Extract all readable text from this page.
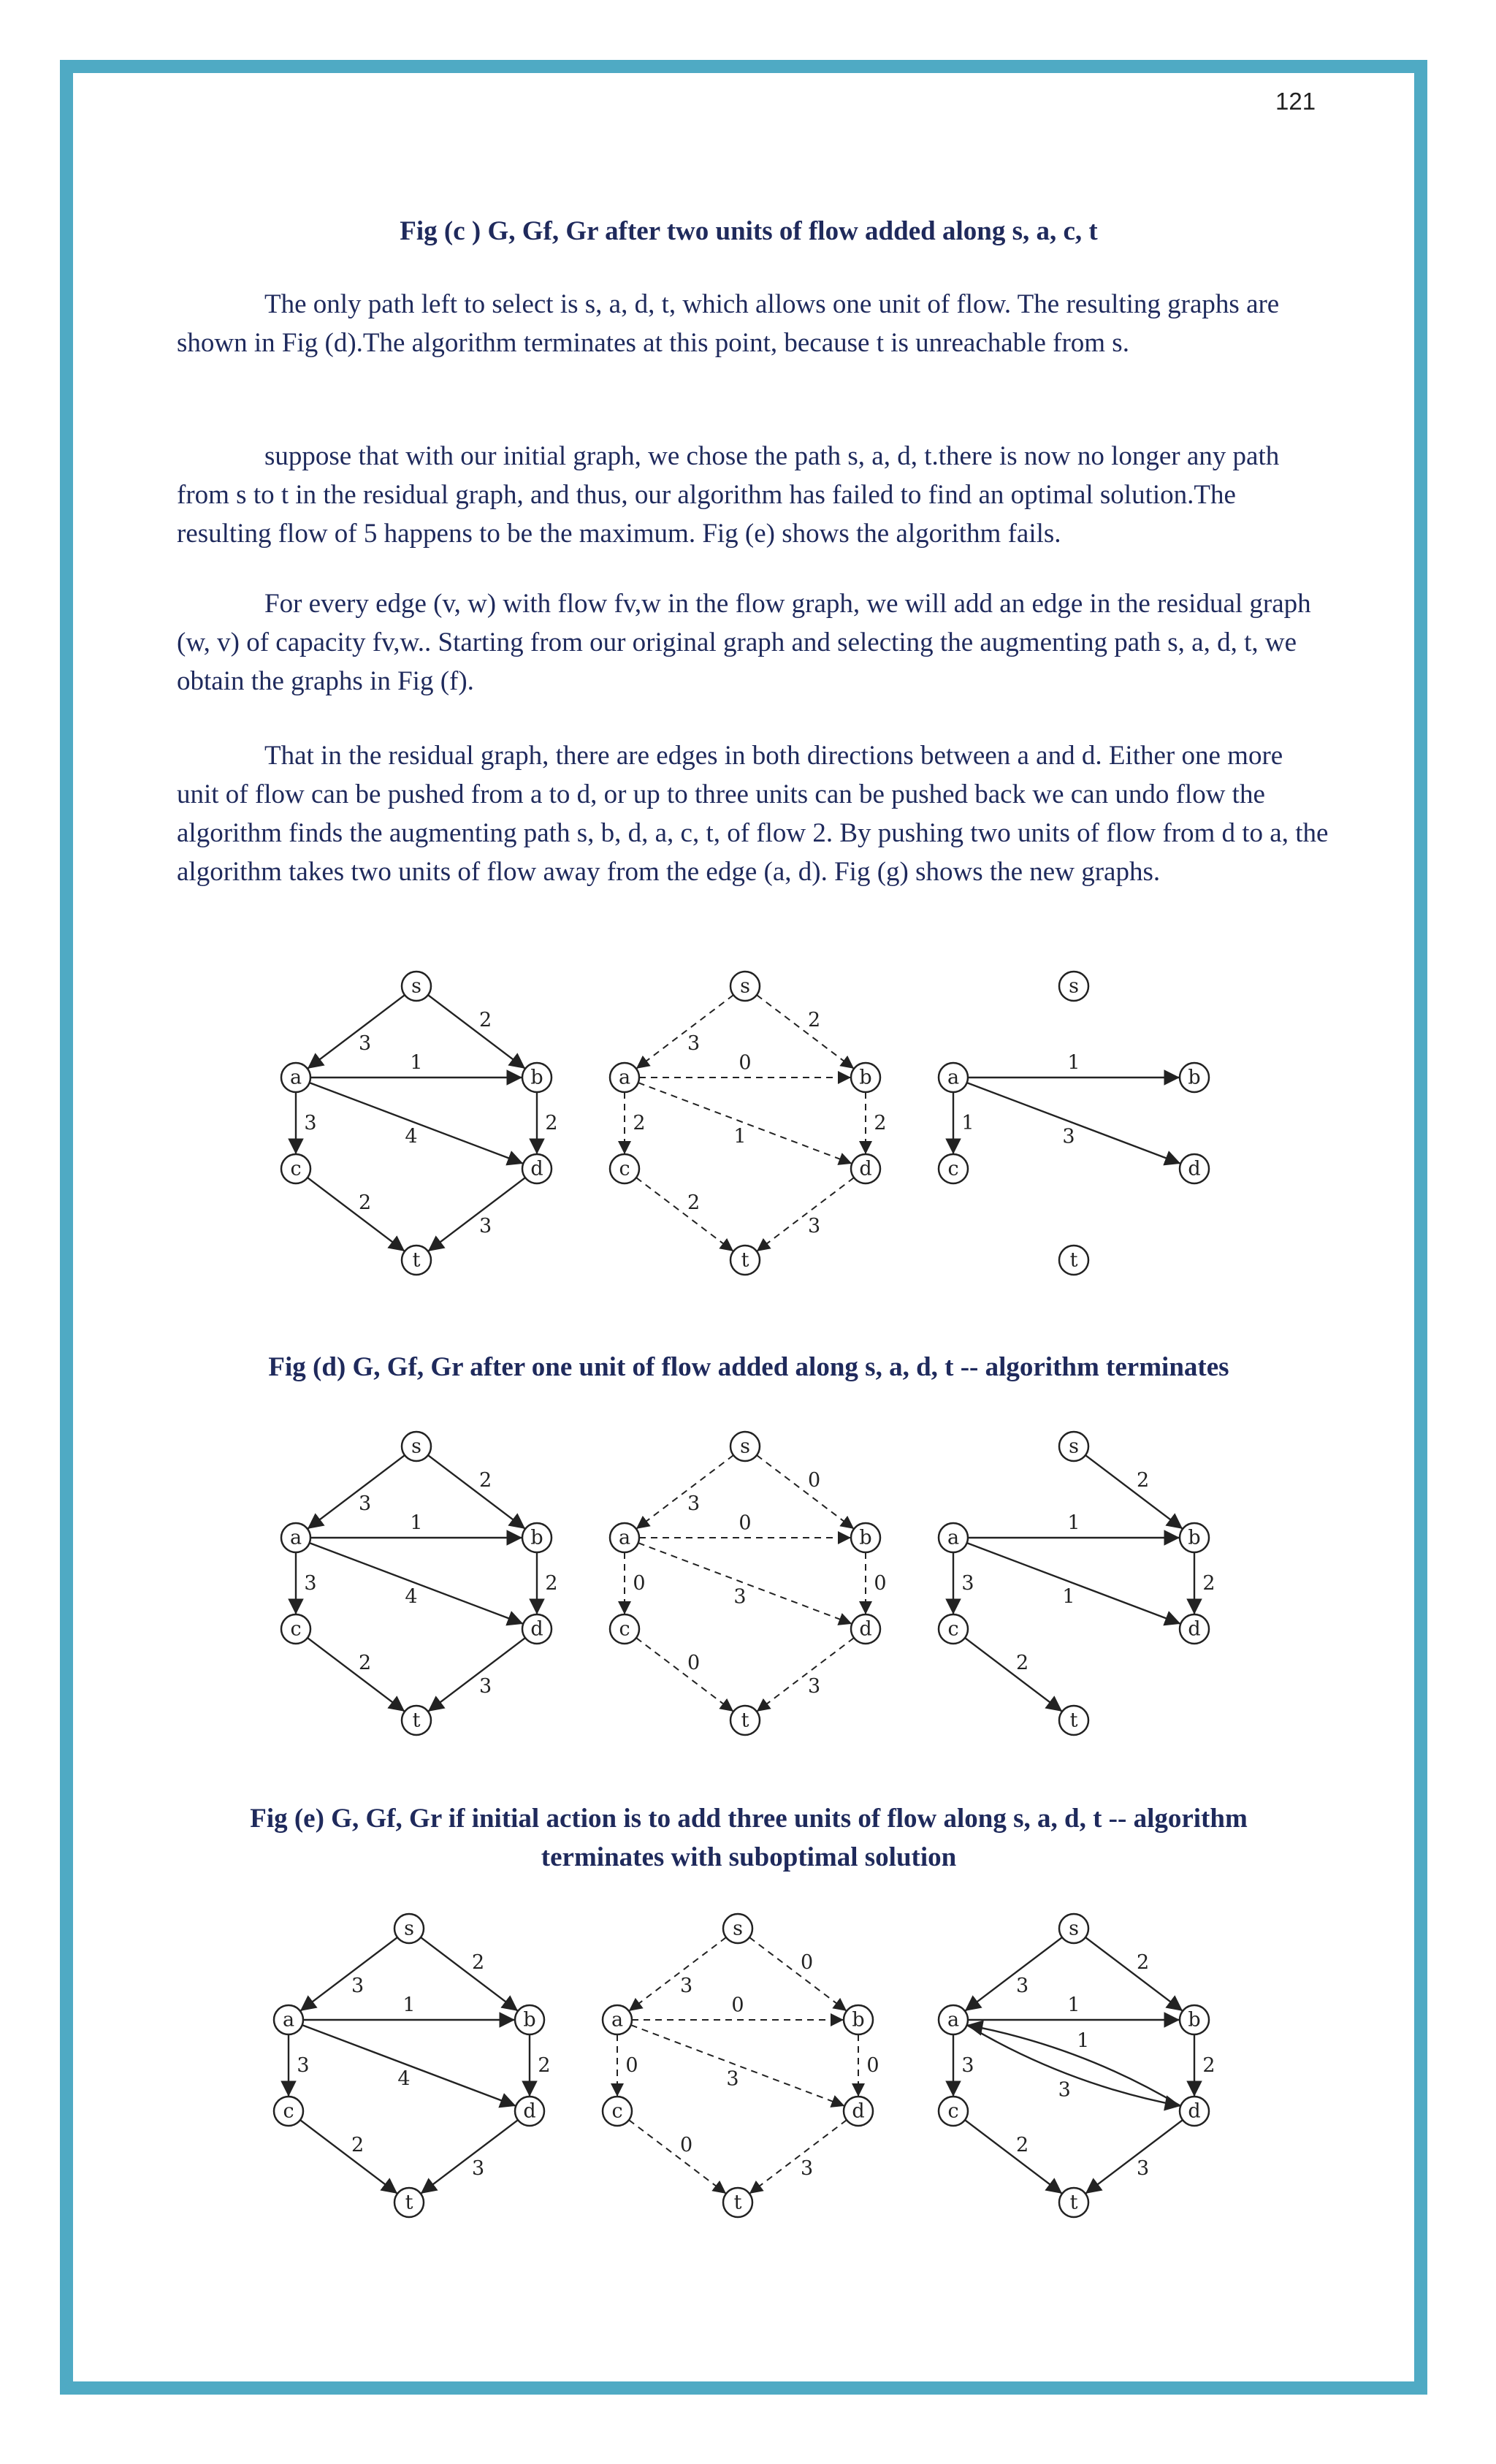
121
Fig (c ) G, Gf, Gr after two units of flow added along s, a, c, t

The only path left to select is s, a, d, t, which allows one unit of flow. The resulting graphs are shown in Fig (d).The algorithm terminates at this point, because t is unreachable from s.

suppose that with our initial graph, we chose the path s, a, d, t.there is now no longer any path from s to t in the residual graph, and thus, our algorithm has failed to find an optimal solution.The resulting flow of 5 happens to be the maximum. Fig (e) shows the algorithm fails.

For every edge (v, w) with flow fv,w in the flow graph, we will add an edge in the residual graph (w, v) of capacity fv,w.. Starting from our original graph and selecting the augmenting path s, a, d, t, we obtain the graphs in Fig (f).

That in the residual graph, there are edges in both directions between a and d. Either one more unit of flow can be pushed from a to d, or up to three units can be pushed back we can undo flow the algorithm finds the augmenting path s, b, d, a, c, t, of flow 2. By pushing two units of flow from d to a, the algorithm takes two units of flow away from the edge (a, d). Fig (g) shows the new graphs.

3
2
1
3
4
2
2
3
s
a	b
c	d
t
3
2
0
2
1
2
2
3
s
a	b
c	d
t
1
1
3
s
a	b
c	d
t
Fig (d) G, Gf, Gr after one unit of flow added along s, a, d, t -- algorithm terminates
3
2
1
3
4
2
2
3
s
a	b
c	d
t
3
0
0
0
3
0
0
3
s
a	b
c	d
t
2
1
3
1
2
2
s
a	b
c	d
t
Fig (e) G, Gf, Gr if initial action is to add three units of flow along s, a, d, t -- algorithm
terminates with suboptimal solution
3
2
1
3
4
2
2
3
s
a	b
c	d
t
3
0
0
0
3
0
0
3
s
a	b
c	d
t
3
2
1
3
3
1
2
2
3
s
a	b
c	d
t
